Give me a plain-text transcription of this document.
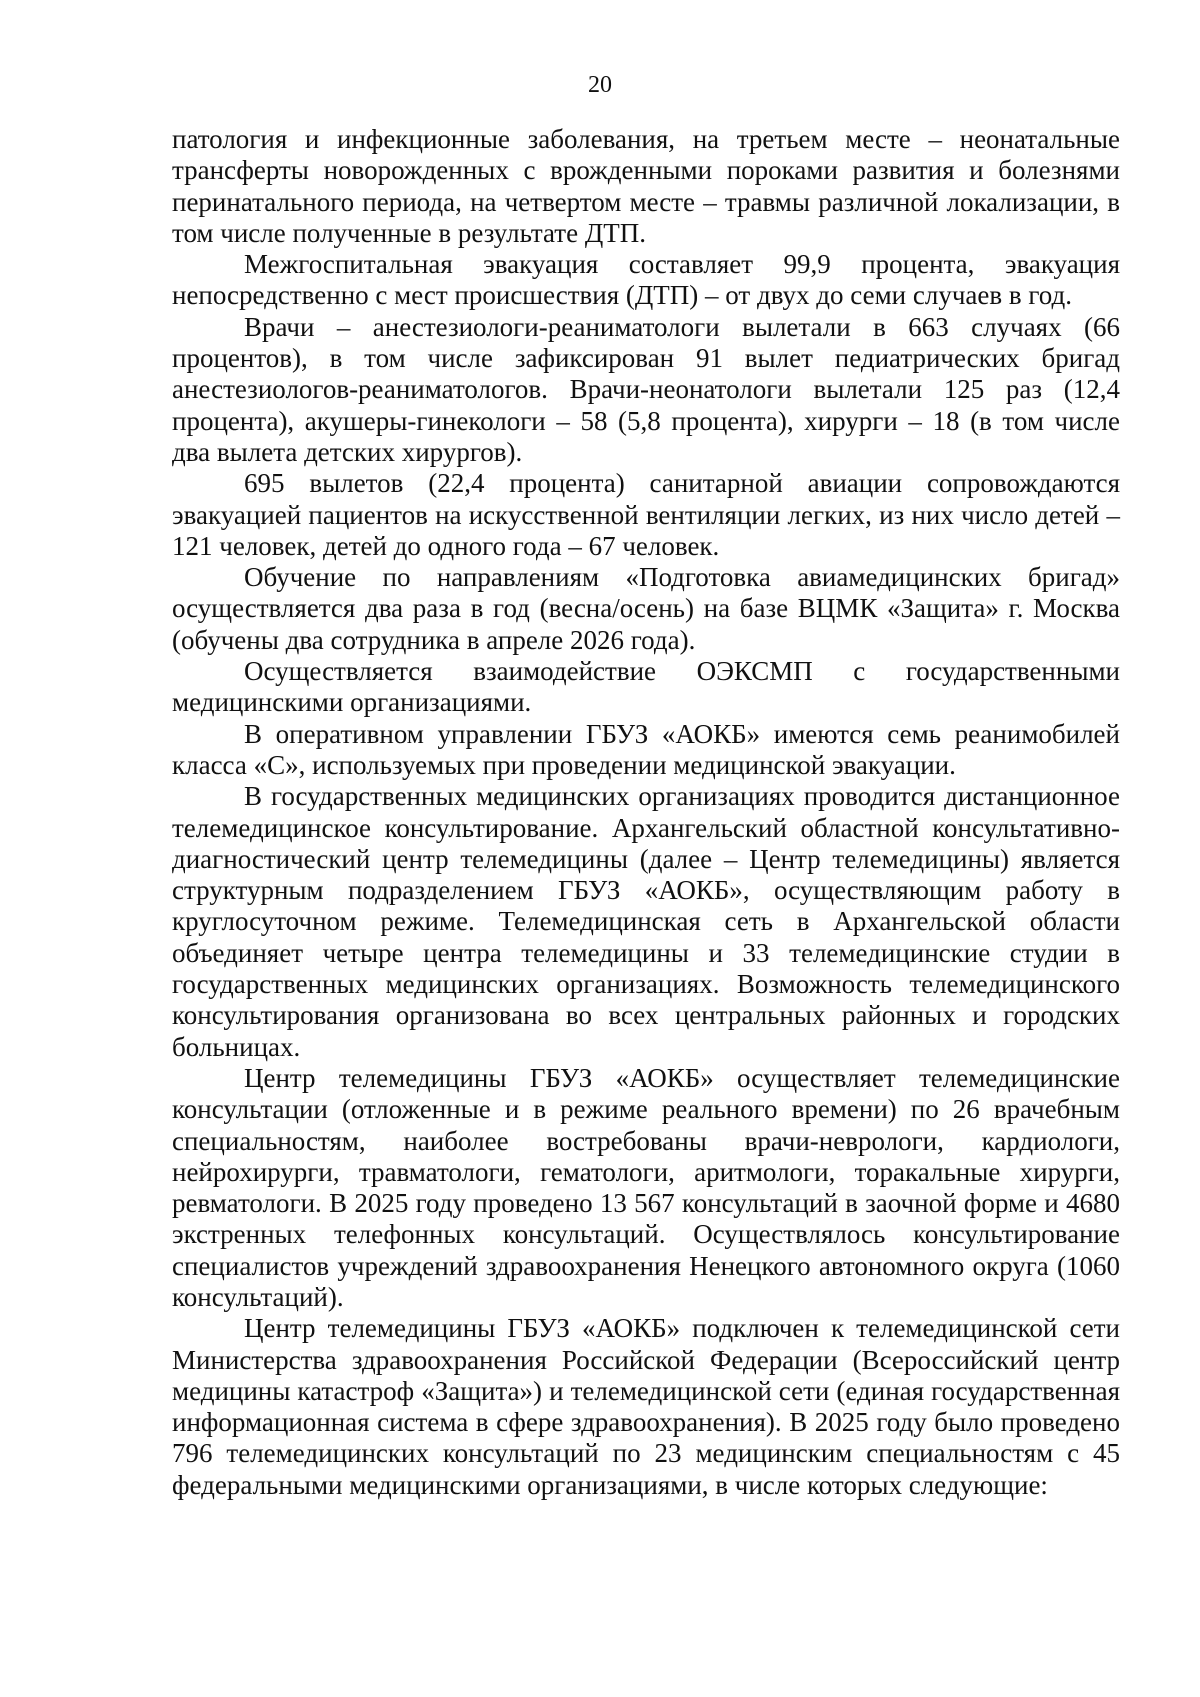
20

патология и инфекционные заболевания, на третьем месте – неонатальные трансферты новорожденных с врожденными пороками развития и болезнями перинатального периода, на четвертом месте – травмы различной локализации, в том числе полученные в результате ДТП.

Межгоспитальная эвакуация составляет 99,9 процента, эвакуация непосредственно с мест происшествия (ДТП) – от двух до семи случаев в год.

Врачи – анестезиологи-реаниматологи вылетали в 663 случаях (66 процентов), в том числе зафиксирован 91 вылет педиатрических бригад анестезиологов-реаниматологов. Врачи-неонатологи вылетали 125 раз (12,4 процента), акушеры-гинекологи – 58 (5,8 процента), хирурги – 18 (в том числе два вылета детских хирургов).

695 вылетов (22,4 процента) санитарной авиации сопровождаются эвакуацией пациентов на искусственной вентиляции легких, из них число детей – 121 человек, детей до одного года – 67 человек.

Обучение по направлениям «Подготовка авиамедицинских бригад» осуществляется два раза в год (весна/осень) на базе ВЦМК «Защита» г. Москва (обучены два сотрудника в апреле 2026 года).

Осуществляется взаимодействие ОЭКСМП с государственными медицинскими организациями.

В оперативном управлении ГБУЗ «АОКБ» имеются семь реанимобилей класса «С», используемых при проведении медицинской эвакуации.

В государственных медицинских организациях проводится дистанционное телемедицинское консультирование. Архангельский областной консультативно-диагностический центр телемедицины (далее – Центр телемедицины) является структурным подразделением ГБУЗ «АОКБ», осуществляющим работу в круглосуточном режиме. Телемедицинская сеть в Архангельской области объединяет четыре центра телемедицины и 33 телемедицинские студии в государственных медицинских организациях. Возможность телемедицинского консультирования организована во всех центральных районных и городских больницах.

Центр телемедицины ГБУЗ «АОКБ» осуществляет телемедицинские консультации (отложенные и в режиме реального времени) по 26 врачебным специальностям, наиболее востребованы врачи-неврологи, кардиологи, нейрохирурги, травматологи, гематологи, аритмологи, торакальные хирурги, ревматологи. В 2025 году проведено 13 567 консультаций в заочной форме и 4680 экстренных телефонных консультаций. Осуществлялось консультирование специалистов учреждений здравоохранения Ненецкого автономного округа (1060 консультаций).

Центр телемедицины ГБУЗ «АОКБ» подключен к телемедицинской сети Министерства здравоохранения Российской Федерации (Всероссийский центр медицины катастроф «Защита») и телемедицинской сети (единая государственная информационная система в сфере здравоохранения). В 2025 году было проведено 796 телемедицинских консультаций по 23 медицинским специальностям с 45 федеральными медицинскими организациями, в числе которых следующие:
